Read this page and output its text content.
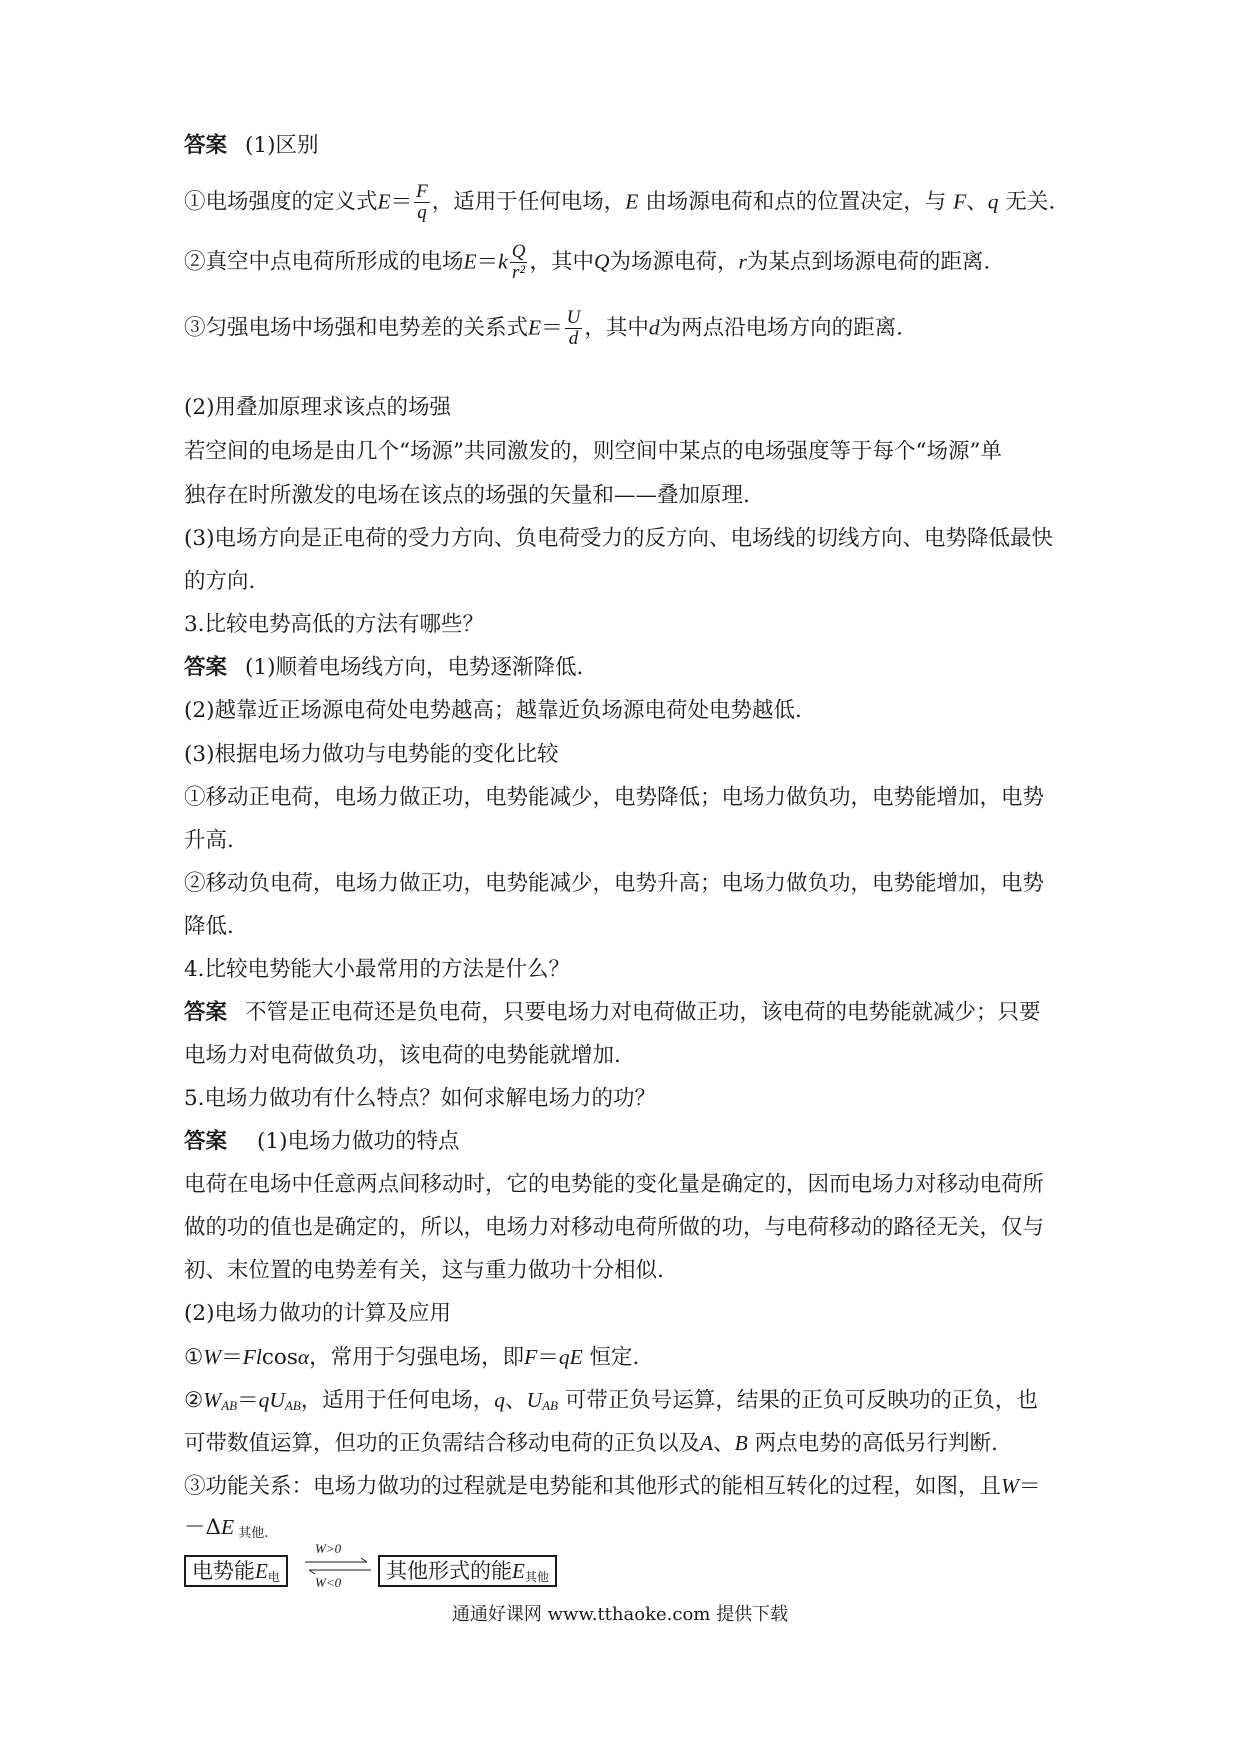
答案 (1)区别
①电场强度的定义式$E= \frac{F}{q}$ ，适用于任何电场，E 由场源电荷和点的位置决定，与 F、q 无关.
②真空中点电荷所形成的电场$E=k \frac{Q}{\text{r²}}$ ，其中Q为场源电荷，r为某点到场源电荷的距离.
③匀强电场中场强和电势差的关系式$E= \frac{U}{d}$ ，其中d为两点沿电场方向的距离.
(2)用叠加原理求该点的场强
若空间的电场是由几个“场源”共同激发的，则空间中某点的电场强度等于每个“场源”单
独存在时所激发的电场在该点的场强的矢量和——叠加原理.
(3)电场方向是正电荷的受力方向、负电荷受力的反方向、电场线的切线方向、电势降低最快
的方向.
3.比较电势高低的方法有哪些？
答案 (1)顺着电场线方向，电势逐渐降低.
(2)越靠近正场源电荷处电势越高；越靠近负场源电荷处电势越低.
(3)根据电场力做功与电势能的变化比较
①移动正电荷，电场力做正功，电势能减少，电势降低；电场力做负功，电势能增加，电势
升高.
②移动负电荷，电场力做正功，电势能减少，电势升高；电场力做负功，电势能增加，电势
降低.
4.比较电势能大小最常用的方法是什么？
答案 不管是正电荷还是负电荷，只要电场力对电荷做正功，该电荷的电势能就减少；只要
电场力对电荷做负功，该电荷的电势能就增加.
5.电场力做功有什么特点？如何求解电场力的功？
答案 (1)电场力做功的特点
电荷在电场中任意两点间移动时，它的电势能的变化量是确定的，因而电场力对移动电荷所
做的功的值也是确定的，所以，电场力对移动电荷所做的功，与电荷移动的路径无关，仅与
初、末位置的电势差有关，这与重力做功十分相似.
(2)电场力做功的计算及应用
①W＝Flcosα，常用于匀强电场，即F＝qE 恒定.
$②W_{AB}=qU_{AB}$，适用于任何电场，q、$U_{AB}$ 可带正负号运算，结果的正负可反映功的正负，也
可带数值运算，但功的正负需结合移动电荷的正负以及A、B 两点电势的高低另行判断.
③功能关系：电场力做功的过程就是电势能和其他形式的能相互转化的过程，如图，且W＝
－ΔE $_{其他.}$
电势能$E_电$
W>0
W<0	其他形式的能$E_{其他}$
通通好课网 www.tthaoke.com 提供下载
